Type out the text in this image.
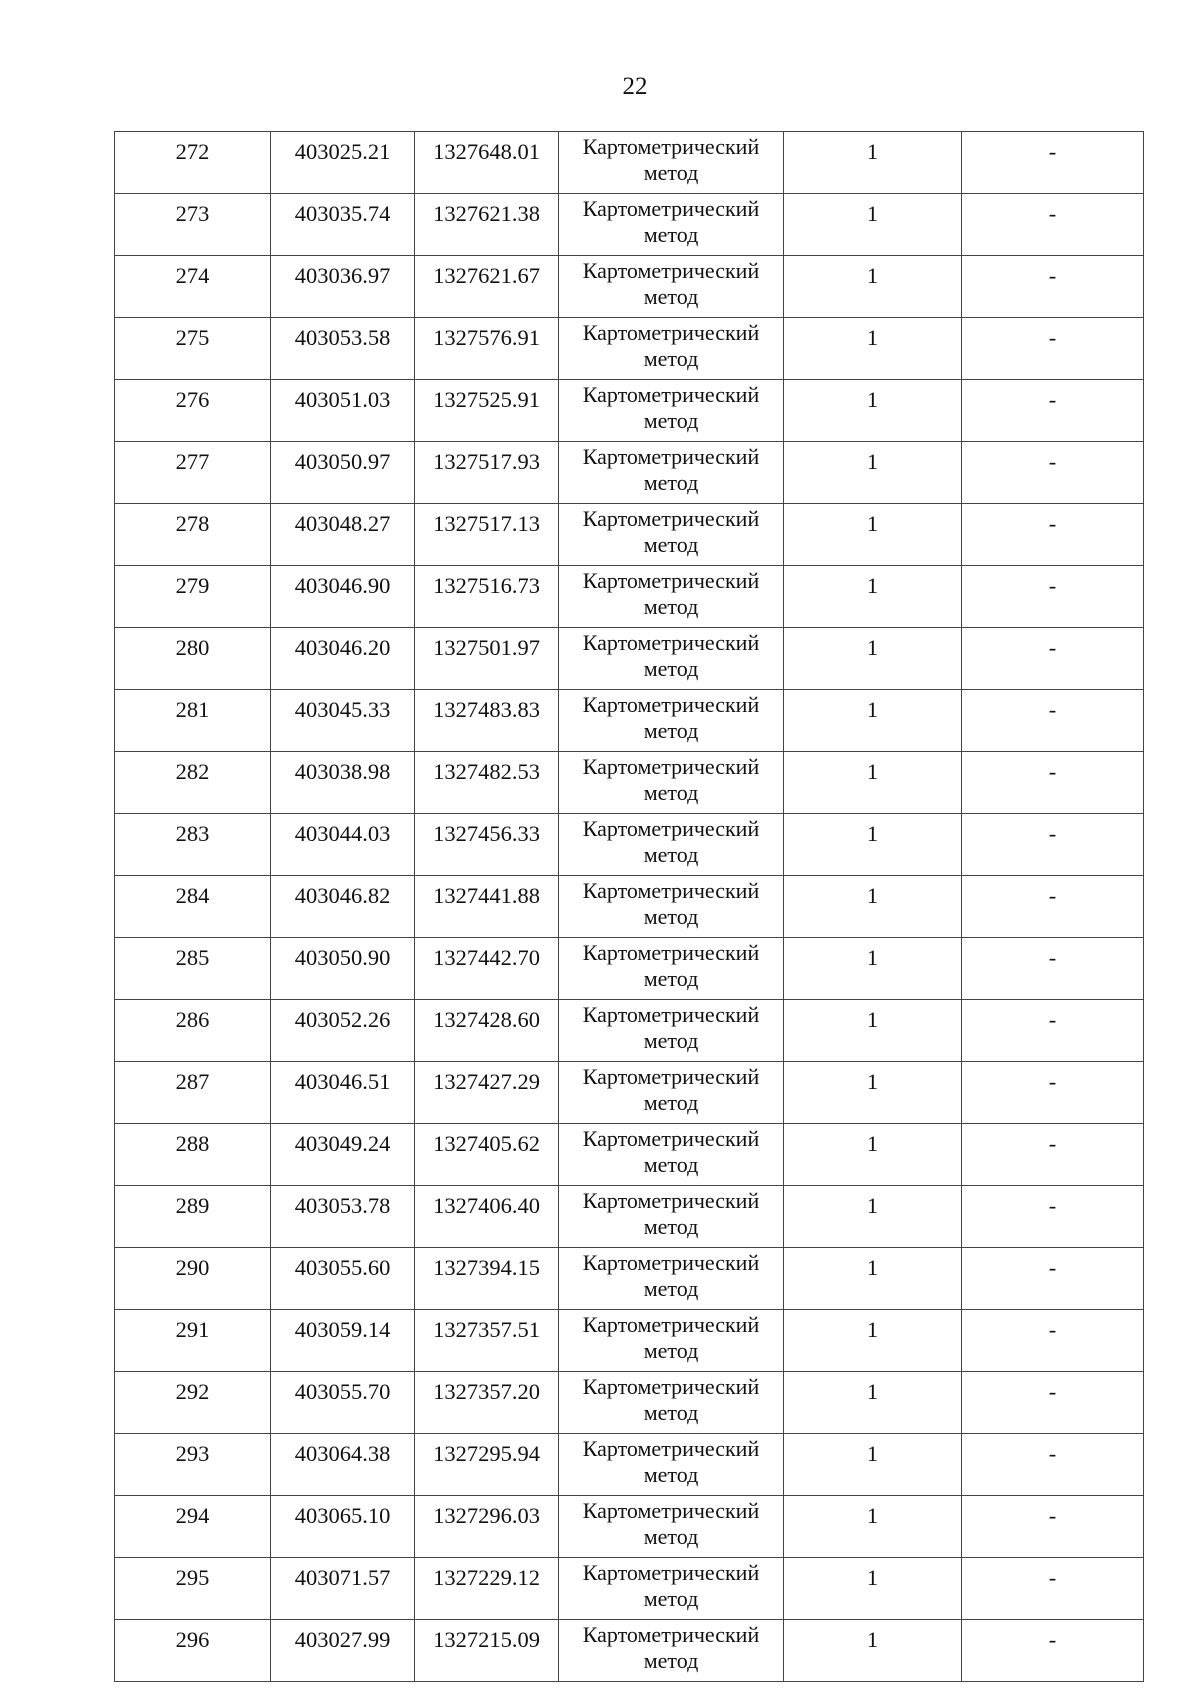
22
272	403025.21	1327648.01	Картометрический
метод	1	-
273	403035.74	1327621.38	Картометрический
метод	1	-
274	403036.97	1327621.67	Картометрический
метод	1	-
275	403053.58	1327576.91	Картометрический
метод	1	-
276	403051.03	1327525.91	Картометрический
метод	1	-
277	403050.97	1327517.93	Картометрический
метод	1	-
278	403048.27	1327517.13	Картометрический
метод	1	-
279	403046.90	1327516.73	Картометрический
метод	1	-
280	403046.20	1327501.97	Картометрический
метод	1	-
281	403045.33	1327483.83	Картометрический
метод	1	-
282	403038.98	1327482.53	Картометрический
метод	1	-
283	403044.03	1327456.33	Картометрический
метод	1	-
284	403046.82	1327441.88	Картометрический
метод	1	-
285	403050.90	1327442.70	Картометрический
метод	1	-
286	403052.26	1327428.60	Картометрический
метод	1	-
287	403046.51	1327427.29	Картометрический
метод	1	-
288	403049.24	1327405.62	Картометрический
метод	1	-
289	403053.78	1327406.40	Картометрический
метод	1	-
290	403055.60	1327394.15	Картометрический
метод	1	-
291	403059.14	1327357.51	Картометрический
метод	1	-
292	403055.70	1327357.20	Картометрический
метод	1	-
293	403064.38	1327295.94	Картометрический
метод	1	-
294	403065.10	1327296.03	Картометрический
метод	1	-
295	403071.57	1327229.12	Картометрический
метод	1	-
296	403027.99	1327215.09	Картометрический
метод	1	-
